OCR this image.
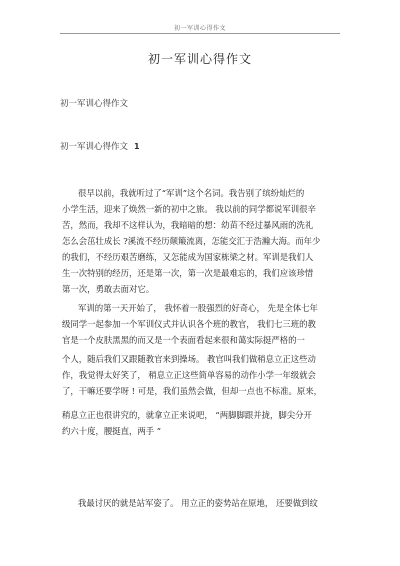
初一军训心得作文
初一军训心得作文
初一军训心得作文
初一军训心得作文 1
很早以前，我就听过了“军训”这个名词。我告别了缤纷灿烂的
小学生活，迎来了焕然一新的初中之旅。 我以前的同学都说军训很辛
苦，然而，我却不这样认为，我暗暗的想：幼苗不经过暴风雨的洗礼
怎么会茁壮成长 ?溪流不经历颠簸流离，怎能交汇于浩瀚大海。而年少
的我们，不经历艰苦磨练，又怎能成为国家栋梁之材。军训是我们人
生一次特别的经历，还是第一次，第一次是最难忘的，我们应该珍惜
第一次，勇敢去面对它。
军训的第一天开始了， 我怀着一股强烈的好奇心， 先是全体七年
级同学一起参加一个军训仪式并认识各个班的教官， 我们七三班的教
官是一个皮肤黑黑的而又是一个表面看起来很和蔼实际挺严格的一
个人，随后我们又跟随教官来到操场。 教官叫我们做稍息立正这些动
作，我觉得太好笑了， 稍息立正这些简单容易的动作小学一年级就会
了，干嘛还要学呀 ! 可是，我们虽然会做，但却一点也不标准。原来，
稍息立正也很讲究的，就拿立正来说吧， “两脚脚跟并拢，脚尖分开
约六十度，腰挺直，两手 ”
我最讨厌的就是站军姿了。 用立正的姿势站在原地， 还要做到纹
